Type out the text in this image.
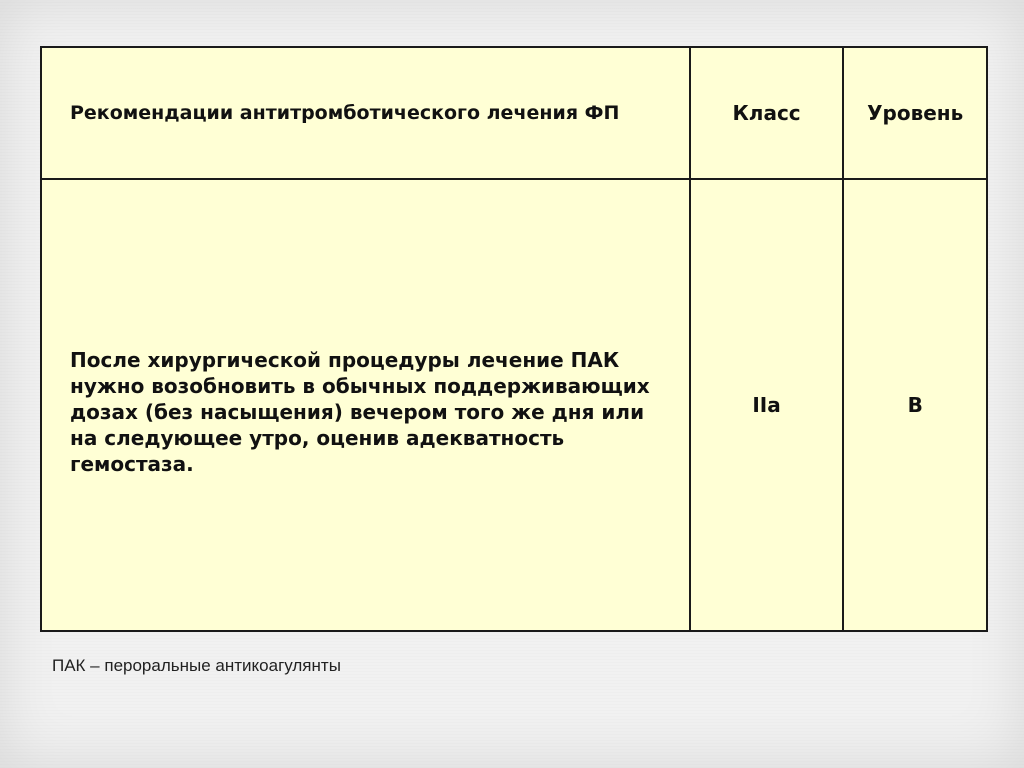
Рекомендации антитромботического лечения ФП	Класс	Уровень
После хирургической процедуры лечение ПАК нужно возобновить в обычных поддерживающих дозах (без насыщения) вечером того же дня или на следующее утро, оценив адекватность гемостаза.	IIa	B
ПАК – пероральные антикоагулянты
